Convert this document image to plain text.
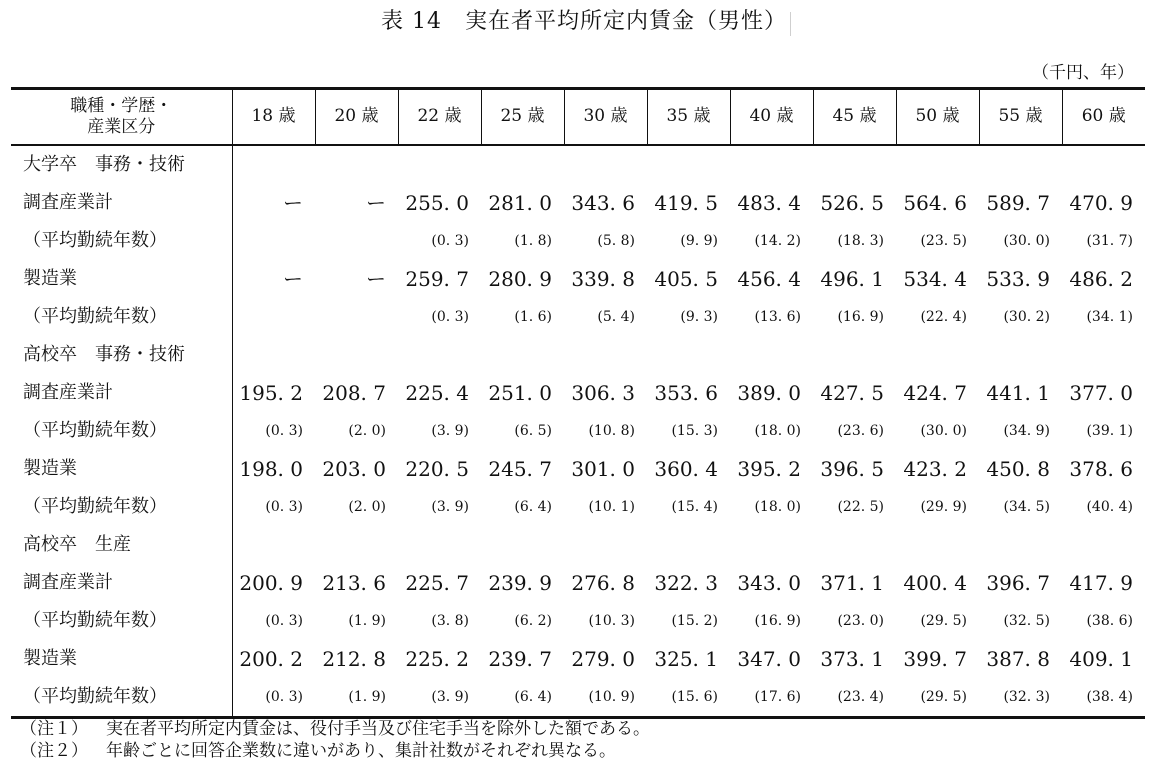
表 14　実在者平均所定内賃金（男性）
（千円、年）
職種・学歴・
産業区分	18 歳	20 歳	22 歳	25 歳	30 歳	35 歳	40 歳	45 歳	50 歳	55 歳	60 歳
大学卒　事務・技術											
調査産業計	ー	ー	255. 0	281. 0	343. 6	419. 5	483. 4	526. 5	564. 6	589. 7	470. 9
（平均勤続年数）			(0. 3)	(1. 8)	(5. 8)	(9. 9)	(14. 2)	(18. 3)	(23. 5)	(30. 0)	(31. 7)
製造業	ー	ー	259. 7	280. 9	339. 8	405. 5	456. 4	496. 1	534. 4	533. 9	486. 2
（平均勤続年数）			(0. 3)	(1. 6)	(5. 4)	(9. 3)	(13. 6)	(16. 9)	(22. 4)	(30. 2)	(34. 1)
高校卒　事務・技術											
調査産業計	195. 2	208. 7	225. 4	251. 0	306. 3	353. 6	389. 0	427. 5	424. 7	441. 1	377. 0
（平均勤続年数）	(0. 3)	(2. 0)	(3. 9)	(6. 5)	(10. 8)	(15. 3)	(18. 0)	(23. 6)	(30. 0)	(34. 9)	(39. 1)
製造業	198. 0	203. 0	220. 5	245. 7	301. 0	360. 4	395. 2	396. 5	423. 2	450. 8	378. 6
（平均勤続年数）	(0. 3)	(2. 0)	(3. 9)	(6. 4)	(10. 1)	(15. 4)	(18. 0)	(22. 5)	(29. 9)	(34. 5)	(40. 4)
高校卒　生産											
調査産業計	200. 9	213. 6	225. 7	239. 9	276. 8	322. 3	343. 0	371. 1	400. 4	396. 7	417. 9
（平均勤続年数）	(0. 3)	(1. 9)	(3. 8)	(6. 2)	(10. 3)	(15. 2)	(16. 9)	(23. 0)	(29. 5)	(32. 5)	(38. 6)
製造業	200. 2	212. 8	225. 2	239. 7	279. 0	325. 1	347. 0	373. 1	399. 7	387. 8	409. 1
（平均勤続年数）	(0. 3)	(1. 9)	(3. 9)	(6. 4)	(10. 9)	(15. 6)	(17. 6)	(23. 4)	(29. 5)	(32. 3)	(38. 4)
（注１） 実在者平均所定内賃金は、役付手当及び住宅手当を除外した額である。
（注２） 年齢ごとに回答企業数に違いがあり、集計社数がそれぞれ異なる。
